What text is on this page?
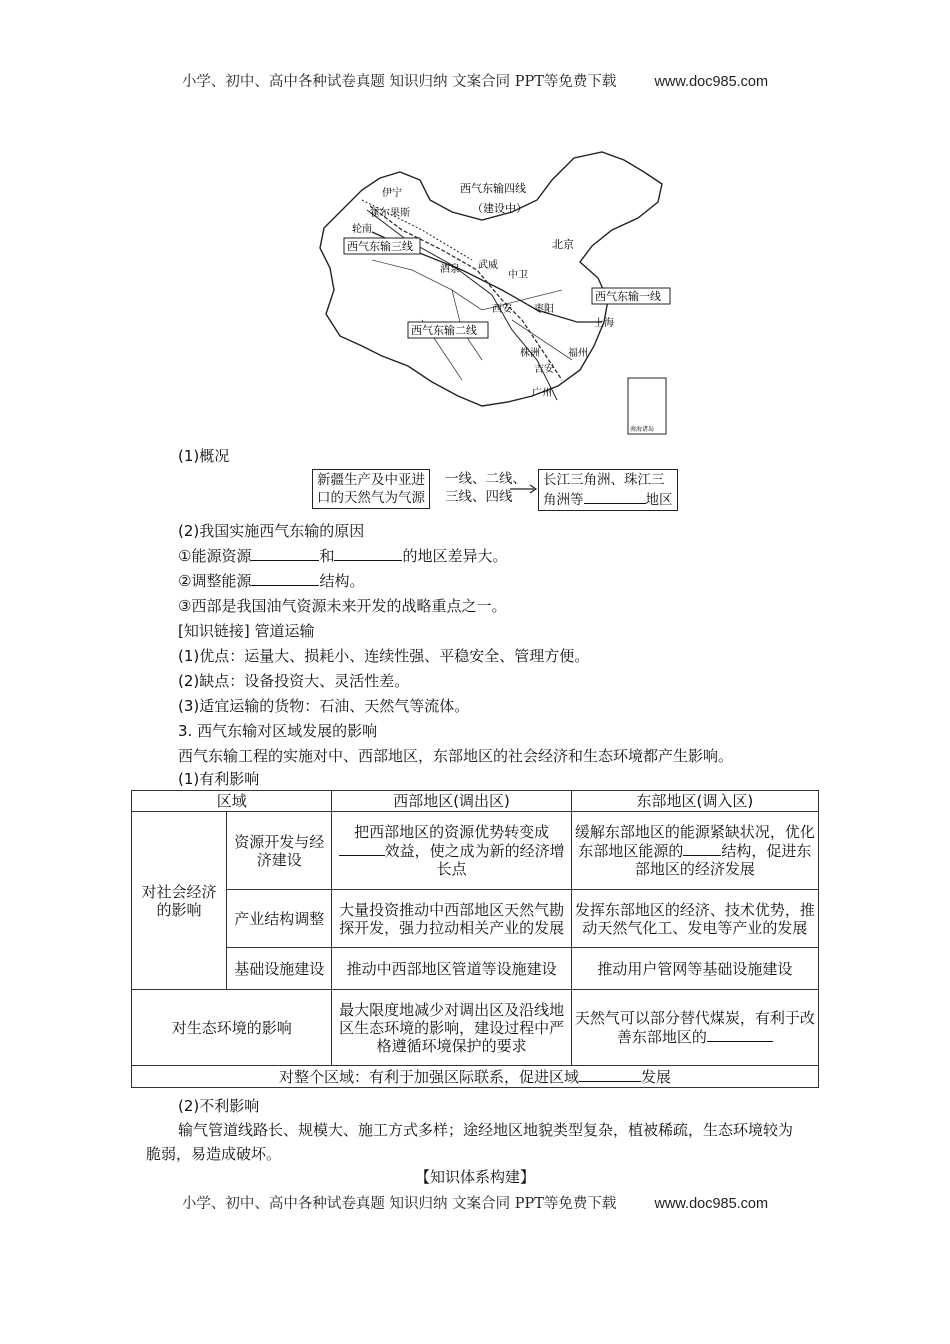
小学、初中、高中各种试卷真题 知识归纳 文案合同 PPT等免费下载	www.doc985.com
西气东输四线
（建设中）
西气东输三线
西气东输一线
西气东输二线
伊宁
霍尔果斯
轮南
北京
酒泉 武威
中卫
西安 枣阳
上海
株洲	福州
吉安
广州
南海诸岛
(1)概况
新疆生产及中亚进
口的天然气为气源
一线、二线、
三线、四线
长江三角洲、珠江三
角洲等	地区
(2)我国实施西气东输的原因
①能源资源	和	的地区差异大。
②调整能源	结构。
③西部是我国油气资源未来开发的战略重点之一。
[知识链接] 管道运输
(1)优点：运量大、损耗小、连续性强、平稳安全、管理方便。
(2)缺点：设备投资大、灵活性差。
(3)适宜运输的货物：石油、天然气等流体。
3. 西气东输对区域发展的影响
西气东输工程的实施对中、西部地区，东部地区的社会经济和生态环境都产生影响。
(1)有利影响
区域		西部地区(调出区)	东部地区(调入区)
对社会经济的影响	资源开发与经济建设	把西部地区的资源优势转变成效益，使之成为新的经济增长点	缓解东部地区的能源紧缺状况，优化东部地区能源的 结构，促进东部地区的经济发展
	产业结构调整	大量投资推动中西部地区天然气勘探开发，强力拉动相关产业的发展	发挥东部地区的经济、技术优势，推动天然气化工、发电等产业的发展
	基础设施建设	推动中西部地区管道等设施建设	推动用户管网等基础设施建设
对生态环境的影响		最大限度地减少对调出区及沿线地区生态环境的影响，建设过程中严格遵循环境保护的要求	天然气可以部分替代煤炭，有利于改善东部地区的
对整个区域：有利于加强区际联系，促进区域 发展			
(2)不利影响
输气管道线路长、规模大、施工方式多样；途经地区地貌类型复杂，植被稀疏，生态环境较为脆弱，易造成破坏。
【知识体系构建】
小学、初中、高中各种试卷真题 知识归纳 文案合同 PPT等免费下载	www.doc985.com
